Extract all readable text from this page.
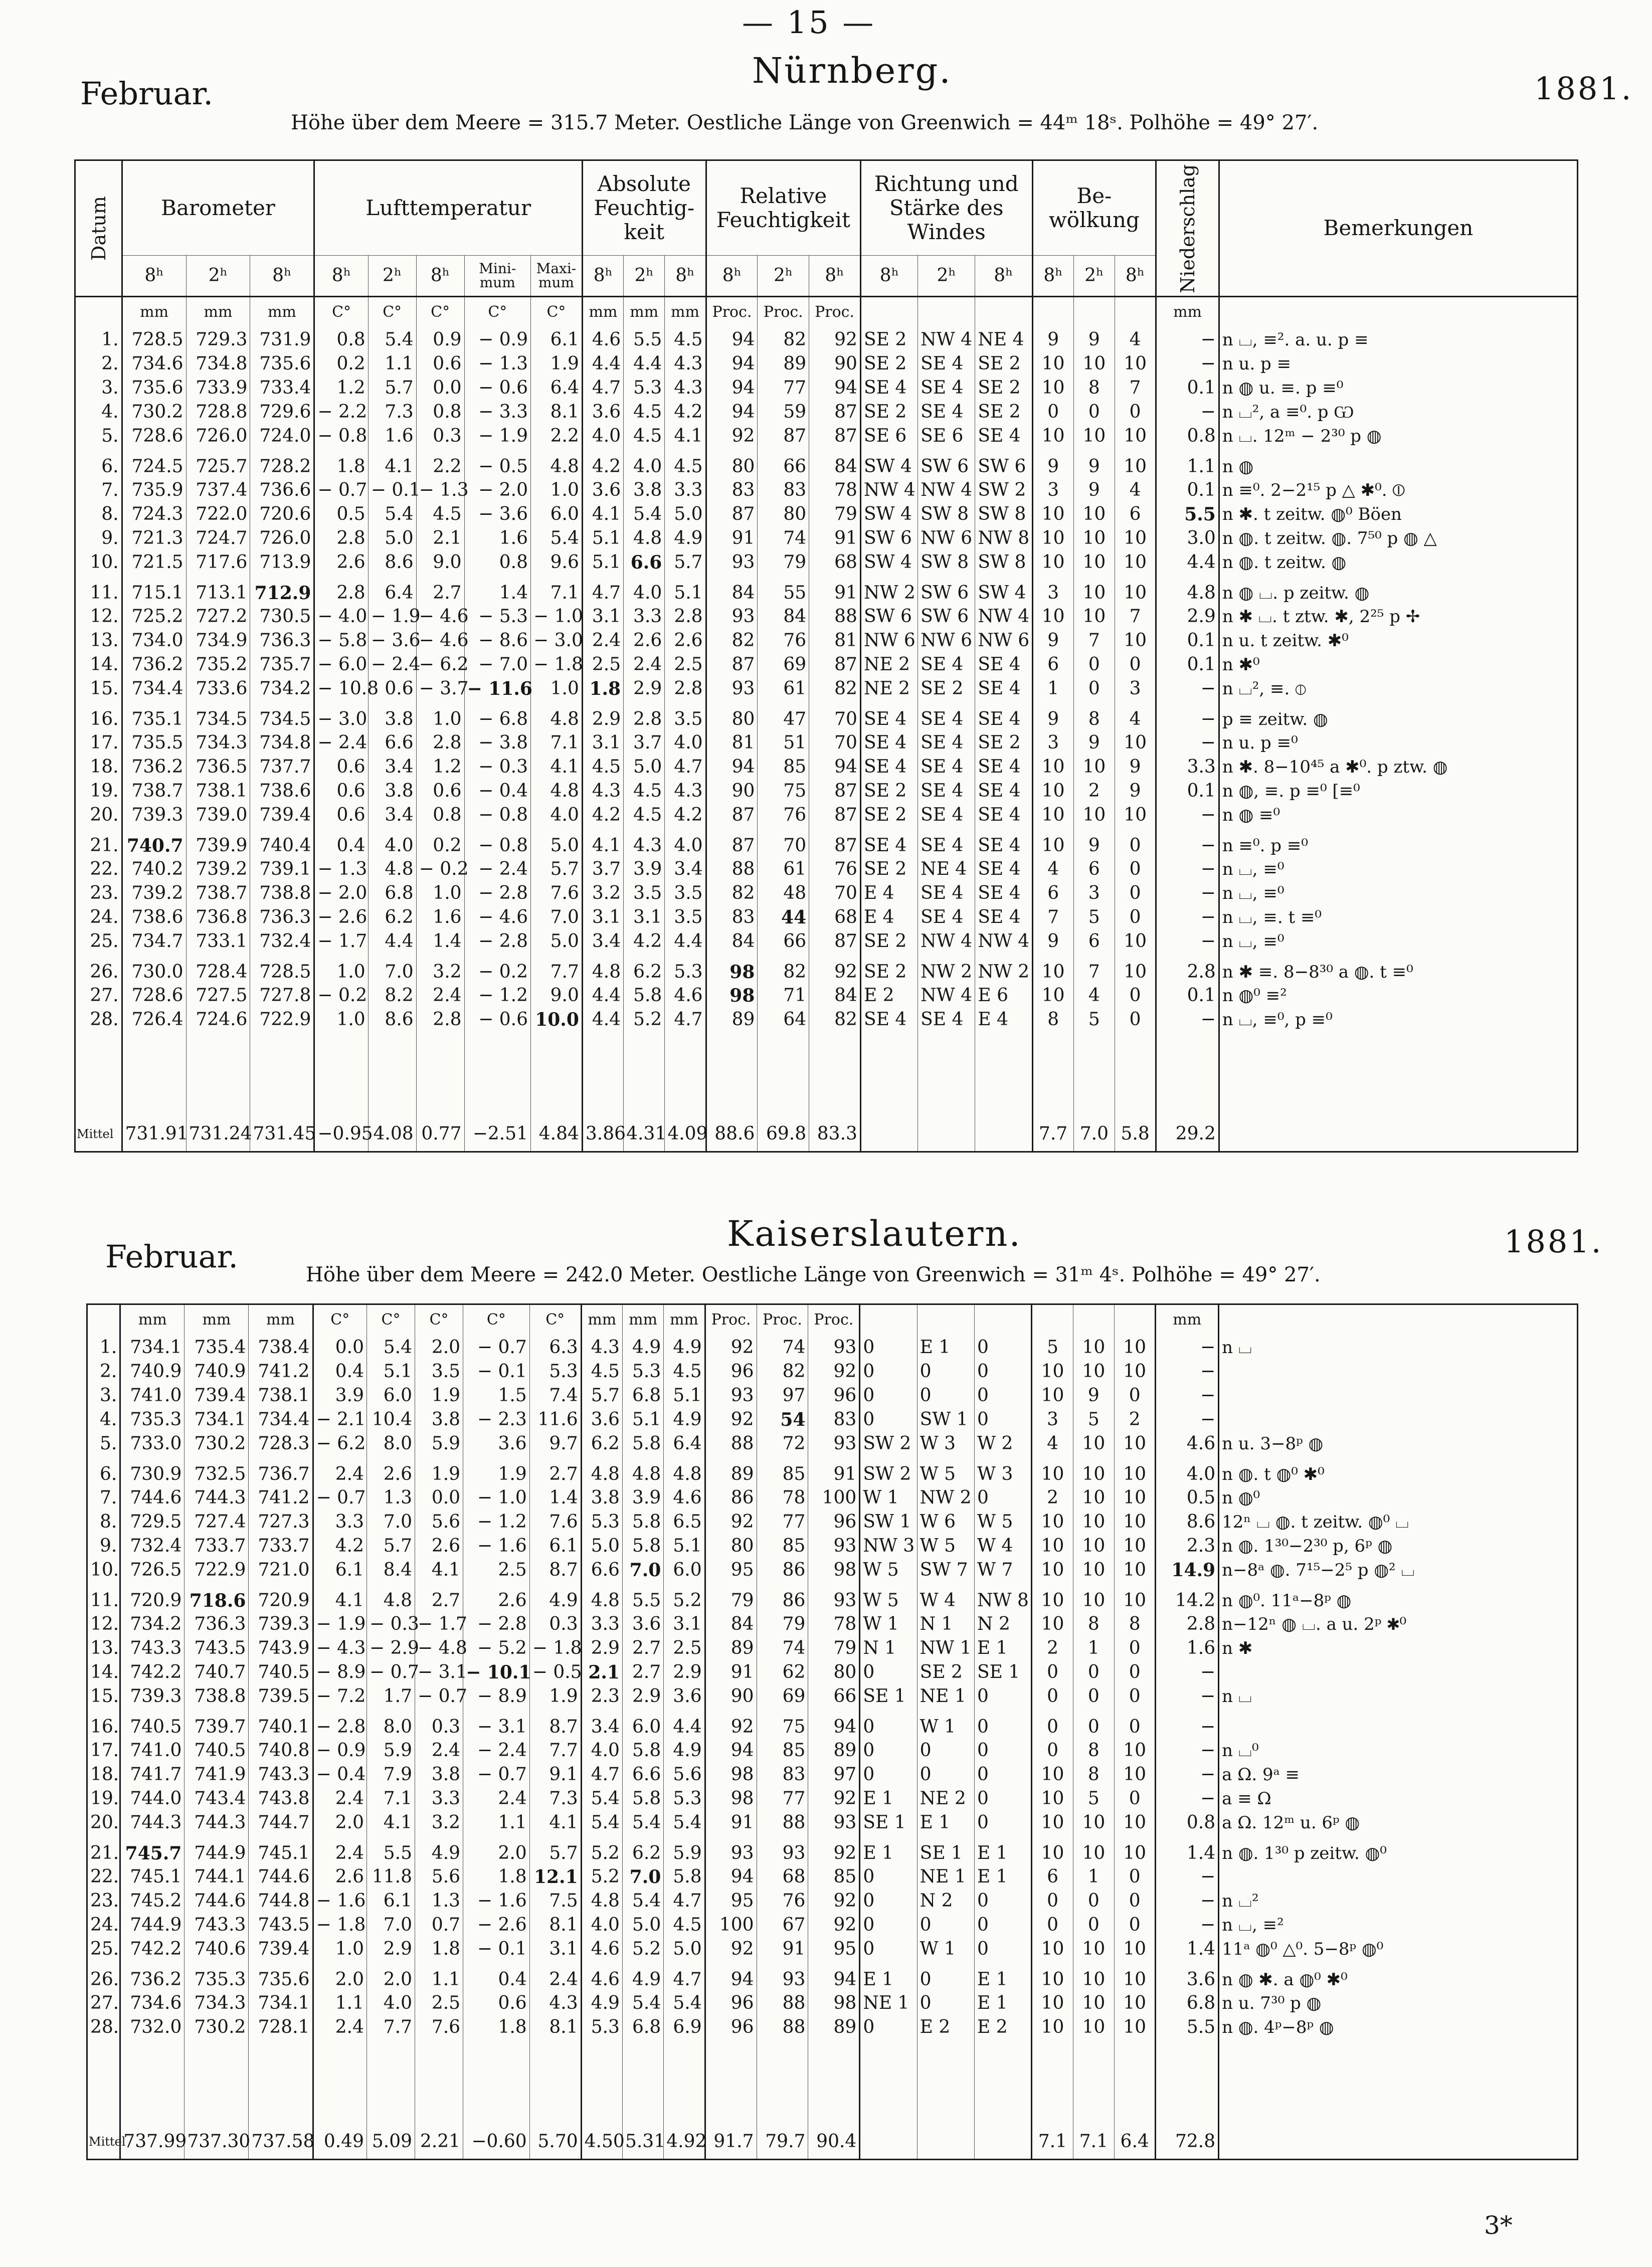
— 15 —
Februar.
Nürnberg.	1881.
Höhe über dem Meere = 315.7 Meter. Oestliche Länge von Greenwich = 44ᵐ 18ˢ. Polhöhe = 49° 27′.
Datum	Barometer			Lufttemperatur					Absolute Feuchtig-keit			Relative Feuchtigkeit			Richtung und Stärke des Windes			Be-wölkung			Niederschlag	Bemerkungen
	8ʰ	2ʰ	8ʰ	8ʰ	2ʰ	8ʰ	Mini-mum	Maxi-mum	8ʰ	2ʰ	8ʰ	8ʰ	2ʰ	8ʰ	8ʰ	2ʰ	8ʰ	8ʰ	2ʰ	8ʰ		
	mm	mm	mm	C°	C°	C°	C°	C°	mm	mm	mm	Proc.	Proc.	Proc.							mm	
1.	728.5	729.3	731.9	0.8	5.4	0.9	− 0.9	6.1	4.6	5.5	4.5	94	82	92	SE 2	NW 4	NE 4	9	9	4	−	n ⌴, ≡². a. u. p ≡
2.	734.6	734.8	735.6	0.2	1.1	0.6	− 1.3	1.9	4.4	4.4	4.3	94	89	90	SE 2	SE 4	SE 2	10	10	10	−	n u. p ≡
3.	735.6	733.9	733.4	1.2	5.7	0.0	− 0.6	6.4	4.7	5.3	4.3	94	77	94	SE 4	SE 4	SE 2	10	8	7	0.1	n ◍ u. ≡. p ≡⁰
4.	730.2	728.8	729.6	− 2.2	7.3	0.8	− 3.3	8.1	3.6	4.5	4.2	94	59	87	SE 2	SE 4	SE 2	0	0	0	−	n ⌴², a ≡⁰. p Ѡ
5.	728.6	726.0	724.0	− 0.8	1.6	0.3	− 1.9	2.2	4.0	4.5	4.1	92	87	87	SE 6	SE 6	SE 4	10	10	10	0.8	n ⌴. 12ᵐ − 2³⁰ p ◍
6.	724.5	725.7	728.2	1.8	4.1	2.2	− 0.5	4.8	4.2	4.0	4.5	80	66	84	SW 4	SW 6	SW 6	9	9	10	1.1	n ◍
7.	735.9	737.4	736.6	− 0.7	− 0.1	− 1.3	− 2.0	1.0	3.6	3.8	3.3	83	83	78	NW 4	NW 4	SW 2	3	9	4	0.1	n ≡⁰. 2−2¹⁵ p △ ✱⁰. ⦶
8.	724.3	722.0	720.6	0.5	5.4	4.5	− 3.6	6.0	4.1	5.4	5.0	87	80	79	SW 4	SW 8	SW 8	10	10	6	5.5	n ✱. t zeitw. ◍⁰ Böen
9.	721.3	724.7	726.0	2.8	5.0	2.1	1.6	5.4	5.1	4.8	4.9	91	74	91	SW 6	NW 6	NW 8	10	10	10	3.0	n ◍. t zeitw. ◍. 7⁵⁰ p ◍ △
10.	721.5	717.6	713.9	2.6	8.6	9.0	0.8	9.6	5.1	6.6	5.7	93	79	68	SW 4	SW 8	SW 8	10	10	10	4.4	n ◍. t zeitw. ◍
11.	715.1	713.1	712.9	2.8	6.4	2.7	1.4	7.1	4.7	4.0	5.1	84	55	91	NW 2	SW 6	SW 4	3	10	10	4.8	n ◍ ⌴. p zeitw. ◍
12.	725.2	727.2	730.5	− 4.0	− 1.9	− 4.6	− 5.3	− 1.0	3.1	3.3	2.8	93	84	88	SW 6	SW 6	NW 4	10	10	7	2.9	n ✱ ⌴. t ztw. ✱, 2²⁵ p ✢
13.	734.0	734.9	736.3	− 5.8	− 3.6	− 4.6	− 8.6	− 3.0	2.4	2.6	2.6	82	76	81	NW 6	NW 6	NW 6	9	7	10	0.1	n u. t zeitw. ✱⁰
14.	736.2	735.2	735.7	− 6.0	− 2.4	− 6.2	− 7.0	− 1.8	2.5	2.4	2.5	87	69	87	NE 2	SE 4	SE 4	6	0	0	0.1	n ✱⁰
15.	734.4	733.6	734.2	− 10.8	0.6	− 3.7	− 11.6	1.0	1.8	2.9	2.8	93	61	82	NE 2	SE 2	SE 4	1	0	3	−	n ⌴², ≡. ⦶
16.	735.1	734.5	734.5	− 3.0	3.8	1.0	− 6.8	4.8	2.9	2.8	3.5	80	47	70	SE 4	SE 4	SE 4	9	8	4	−	p ≡ zeitw. ◍
17.	735.5	734.3	734.8	− 2.4	6.6	2.8	− 3.8	7.1	3.1	3.7	4.0	81	51	70	SE 4	SE 4	SE 2	3	9	10	−	n u. p ≡⁰
18.	736.2	736.5	737.7	0.6	3.4	1.2	− 0.3	4.1	4.5	5.0	4.7	94	85	94	SE 4	SE 4	SE 4	10	10	9	3.3	n ✱. 8−10⁴⁵ a ✱⁰. p ztw. ◍
19.	738.7	738.1	738.6	0.6	3.8	0.6	− 0.4	4.8	4.3	4.5	4.3	90	75	87	SE 2	SE 4	SE 4	10	2	9	0.1	n ◍, ≡. p ≡⁰ [≡⁰
20.	739.3	739.0	739.4	0.6	3.4	0.8	− 0.8	4.0	4.2	4.5	4.2	87	76	87	SE 2	SE 4	SE 4	10	10	10	−	n ◍ ≡⁰
21.	740.7	739.9	740.4	0.4	4.0	0.2	− 0.8	5.0	4.1	4.3	4.0	87	70	87	SE 4	SE 4	SE 4	10	9	0	−	n ≡⁰. p ≡⁰
22.	740.2	739.2	739.1	− 1.3	4.8	− 0.2	− 2.4	5.7	3.7	3.9	3.4	88	61	76	SE 2	NE 4	SE 4	4	6	0	−	n ⌴, ≡⁰
23.	739.2	738.7	738.8	− 2.0	6.8	1.0	− 2.8	7.6	3.2	3.5	3.5	82	48	70	E 4	SE 4	SE 4	6	3	0	−	n ⌴, ≡⁰
24.	738.6	736.8	736.3	− 2.6	6.2	1.6	− 4.6	7.0	3.1	3.1	3.5	83	44	68	E 4	SE 4	SE 4	7	5	0	−	n ⌴, ≡. t ≡⁰
25.	734.7	733.1	732.4	− 1.7	4.4	1.4	− 2.8	5.0	3.4	4.2	4.4	84	66	87	SE 2	NW 4	NW 4	9	6	10	−	n ⌴, ≡⁰
26.	730.0	728.4	728.5	1.0	7.0	3.2	− 0.2	7.7	4.8	6.2	5.3	98	82	92	SE 2	NW 2	NW 2	10	7	10	2.8	n ✱ ≡. 8−8³⁰ a ◍. t ≡⁰
27.	728.6	727.5	727.8	− 0.2	8.2	2.4	− 1.2	9.0	4.4	5.8	4.6	98	71	84	E 2	NW 4	E 6	10	4	0	0.1	n ◍⁰ ≡²
28.	726.4	724.6	722.9	1.0	8.6	2.8	− 0.6	10.0	4.4	5.2	4.7	89	64	82	SE 4	SE 4	E 4	8	5	0	−	n ⌴, ≡⁰, p ≡⁰

Mittel	731.91	731.24	731.45	−0.95	4.08	0.77	−2.51	4.84	3.86	4.31	4.09	88.6	69.8	83.3				7.7	7.0	5.8	29.2	
Februar.
Kaiserslautern.	1881.
Höhe über dem Meere = 242.0 Meter. Oestliche Länge von Greenwich = 31ᵐ 4ˢ. Polhöhe = 49° 27′.
	mm	mm	mm	C°	C°	C°	C°	C°	mm	mm	mm	Proc.	Proc.	Proc.							mm	
1.	734.1	735.4	738.4	0.0	5.4	2.0	− 0.7	6.3	4.3	4.9	4.9	92	74	93	0	E 1	0	5	10	10	−	n ⌴
2.	740.9	740.9	741.2	0.4	5.1	3.5	− 0.1	5.3	4.5	5.3	4.5	96	82	92	0	0	0	10	10	10	−	
3.	741.0	739.4	738.1	3.9	6.0	1.9	1.5	7.4	5.7	6.8	5.1	93	97	96	0	0	0	10	9	0	−	
4.	735.3	734.1	734.4	− 2.1	10.4	3.8	− 2.3	11.6	3.6	5.1	4.9	92	54	83	0	SW 1	0	3	5	2	−	
5.	733.0	730.2	728.3	− 6.2	8.0	5.9	3.6	9.7	6.2	5.8	6.4	88	72	93	SW 2	W 3	W 2	4	10	10	4.6	n u. 3−8ᵖ ◍
6.	730.9	732.5	736.7	2.4	2.6	1.9	1.9	2.7	4.8	4.8	4.8	89	85	91	SW 2	W 5	W 3	10	10	10	4.0	n ◍. t ◍⁰ ✱⁰
7.	744.6	744.3	741.2	− 0.7	1.3	0.0	− 1.0	1.4	3.8	3.9	4.6	86	78	100	W 1	NW 2	0	2	10	10	0.5	n ◍⁰
8.	729.5	727.4	727.3	3.3	7.0	5.6	− 1.2	7.6	5.3	5.8	6.5	92	77	96	SW 1	W 6	W 5	10	10	10	8.6	12ⁿ ⌴ ◍. t zeitw. ◍⁰ ⌴
9.	732.4	733.7	733.7	4.2	5.7	2.6	− 1.6	6.1	5.0	5.8	5.1	80	85	93	NW 3	W 5	W 4	10	10	10	2.3	n ◍. 1³⁰−2³⁰ p, 6ᵖ ◍
10.	726.5	722.9	721.0	6.1	8.4	4.1	2.5	8.7	6.6	7.0	6.0	95	86	98	W 5	SW 7	W 7	10	10	10	14.9	n−8ᵃ ◍. 7¹⁵−2⁵ p ◍² ⌴
11.	720.9	718.6	720.9	4.1	4.8	2.7	2.6	4.9	4.8	5.5	5.2	79	86	93	W 5	W 4	NW 8	10	10	10	14.2	n ◍⁰. 11ᵃ−8ᵖ ◍
12.	734.2	736.3	739.3	− 1.9	− 0.3	− 1.7	− 2.8	0.3	3.3	3.6	3.1	84	79	78	W 1	N 1	N 2	10	8	8	2.8	n−12ⁿ ◍ ⌴. a u. 2ᵖ ✱⁰
13.	743.3	743.5	743.9	− 4.3	− 2.9	− 4.8	− 5.2	− 1.8	2.9	2.7	2.5	89	74	79	N 1	NW 1	E 1	2	1	0	1.6	n ✱
14.	742.2	740.7	740.5	− 8.9	− 0.7	− 3.1	− 10.1	− 0.5	2.1	2.7	2.9	91	62	80	0	SE 2	SE 1	0	0	0	−	
15.	739.3	738.8	739.5	− 7.2	1.7	− 0.7	− 8.9	1.9	2.3	2.9	3.6	90	69	66	SE 1	NE 1	0	0	0	0	−	n ⌴
16.	740.5	739.7	740.1	− 2.8	8.0	0.3	− 3.1	8.7	3.4	6.0	4.4	92	75	94	0	W 1	0	0	0	0	−	
17.	741.0	740.5	740.8	− 0.9	5.9	2.4	− 2.4	7.7	4.0	5.8	4.9	94	85	89	0	0	0	0	8	10	−	n ⌴⁰
18.	741.7	741.9	743.3	− 0.4	7.9	3.8	− 0.7	9.1	4.7	6.6	5.6	98	83	97	0	0	0	10	8	10	−	a Ω. 9ᵃ ≡
19.	744.0	743.4	743.8	2.4	7.1	3.3	2.4	7.3	5.4	5.8	5.3	98	77	92	E 1	NE 2	0	10	5	0	−	a ≡ Ω
20.	744.3	744.3	744.7	2.0	4.1	3.2	1.1	4.1	5.4	5.4	5.4	91	88	93	SE 1	E 1	0	10	10	10	0.8	a Ω. 12ᵐ u. 6ᵖ ◍
21.	745.7	744.9	745.1	2.4	5.5	4.9	2.0	5.7	5.2	6.2	5.9	93	93	92	E 1	SE 1	E 1	10	10	10	1.4	n ◍. 1³⁰ p zeitw. ◍⁰
22.	745.1	744.1	744.6	2.6	11.8	5.6	1.8	12.1	5.2	7.0	5.8	94	68	85	0	NE 1	E 1	6	1	0	−	
23.	745.2	744.6	744.8	− 1.6	6.1	1.3	− 1.6	7.5	4.8	5.4	4.7	95	76	92	0	N 2	0	0	0	0	−	n ⌴²
24.	744.9	743.3	743.5	− 1.8	7.0	0.7	− 2.6	8.1	4.0	5.0	4.5	100	67	92	0	0	0	0	0	0	−	n ⌴, ≡²
25.	742.2	740.6	739.4	1.0	2.9	1.8	− 0.1	3.1	4.6	5.2	5.0	92	91	95	0	W 1	0	10	10	10	1.4	11ᵃ ◍⁰ △⁰. 5−8ᵖ ◍⁰
26.	736.2	735.3	735.6	2.0	2.0	1.1	0.4	2.4	4.6	4.9	4.7	94	93	94	E 1	0	E 1	10	10	10	3.6	n ◍ ✱. a ◍⁰ ✱⁰
27.	734.6	734.3	734.1	1.1	4.0	2.5	0.6	4.3	4.9	5.4	5.4	96	88	98	NE 1	0	E 1	10	10	10	6.8	n u. 7³⁰ p ◍
28.	732.0	730.2	728.1	2.4	7.7	7.6	1.8	8.1	5.3	6.8	6.9	96	88	89	0	E 2	E 2	10	10	10	5.5	n ◍. 4ᵖ−8ᵖ ◍

Mittel	737.99	737.30	737.58	0.49	5.09	2.21	−0.60	5.70	4.50	5.31	4.92	91.7	79.7	90.4				7.1	7.1	6.4	72.8	
3*
